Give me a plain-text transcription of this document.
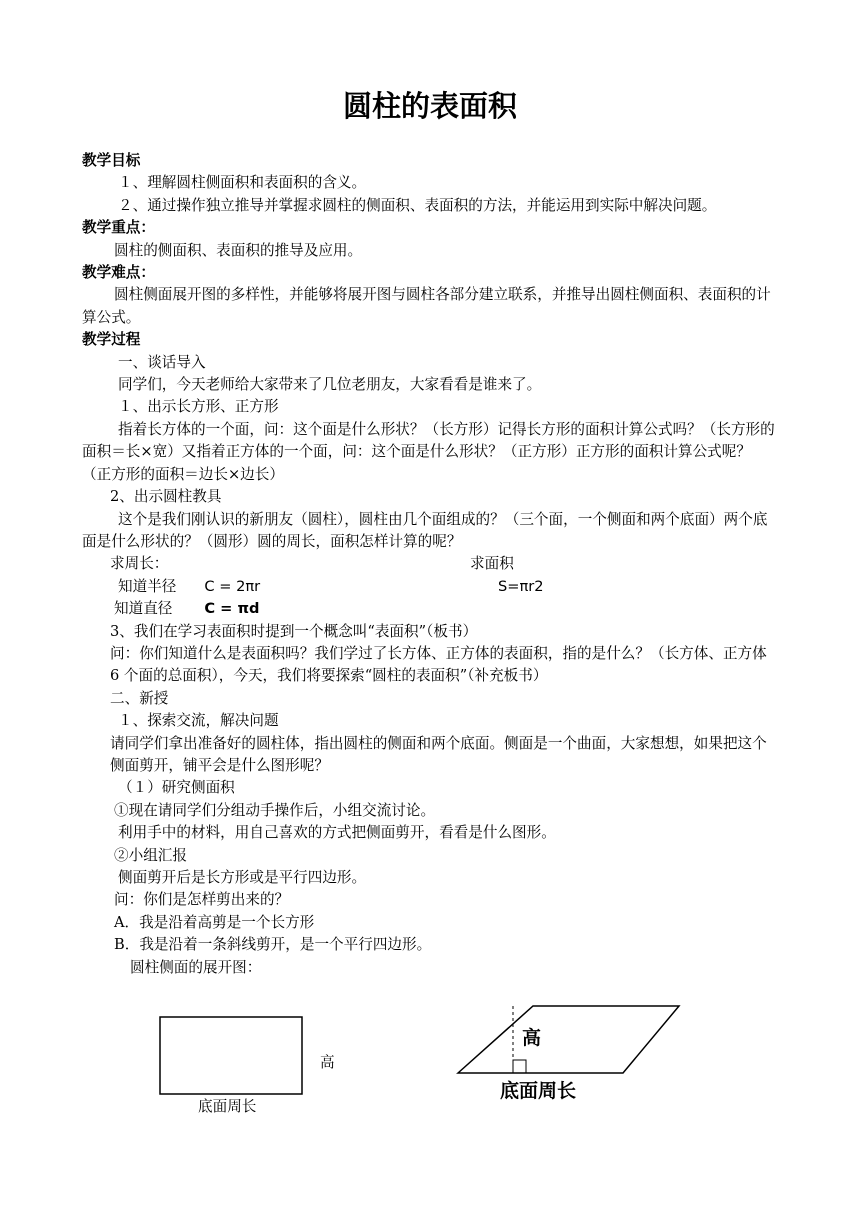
圆柱的表面积

教学目标

１、理解圆柱侧面积和表面积的含义。

２、通过操作独立推导并掌握求圆柱的侧面积、表面积的方法，并能运用到实际中解决问题。

教学重点：

圆柱的侧面积、表面积的推导及应用。

教学难点：

圆柱侧面展开图的多样性，并能够将展开图与圆柱各部分建立联系，并推导出圆柱侧面积、表面积的计算公式。

教学过程

一、谈话导入

同学们，今天老师给大家带来了几位老朋友，大家看看是谁来了。

１、出示长方形、正方形

指着长方体的一个面，问：这个面是什么形状？（长方形）记得长方形的面积计算公式吗？（长方形的面积＝长×宽）又指着正方体的一个面，问：这个面是什么形状？（正方形）正方形的面积计算公式呢？（正方形的面积＝边长×边长）

2、出示圆柱教具

这个是我们刚认识的新朋友（圆柱），圆柱由几个面组成的？（三个面，一个侧面和两个底面）两个底面是什么形状的？（圆形）圆的周长，面积怎样计算的呢？

求周长：	求面积
知道半径 C = 2πr	S=πr2
知道直径 C = πd

3、我们在学习表面积时提到一个概念叫“表面积”（板书）

问：你们知道什么是表面积吗？我们学过了长方体、正方体的表面积，指的是什么？（长方体、正方体 6 个面的总面积），今天，我们将要探索“圆柱的表面积”（补充板书）

二、新授

１、探索交流，解决问题

请同学们拿出准备好的圆柱体，指出圆柱的侧面和两个底面。侧面是一个曲面，大家想想，如果把这个侧面剪开，铺平会是什么图形呢？

（１）研究侧面积

①现在请同学们分组动手操作后，小组交流讨论。

利用手中的材料，用自己喜欢的方式把侧面剪开，看看是什么图形。

②小组汇报

侧面剪开后是长方形或是平行四边形。

问：你们是怎样剪出来的？

A．我是沿着高剪是一个长方形

B．我是沿着一条斜线剪开，是一个平行四边形。

圆柱侧面的展开图：

高
底面周长
高
底面周长
